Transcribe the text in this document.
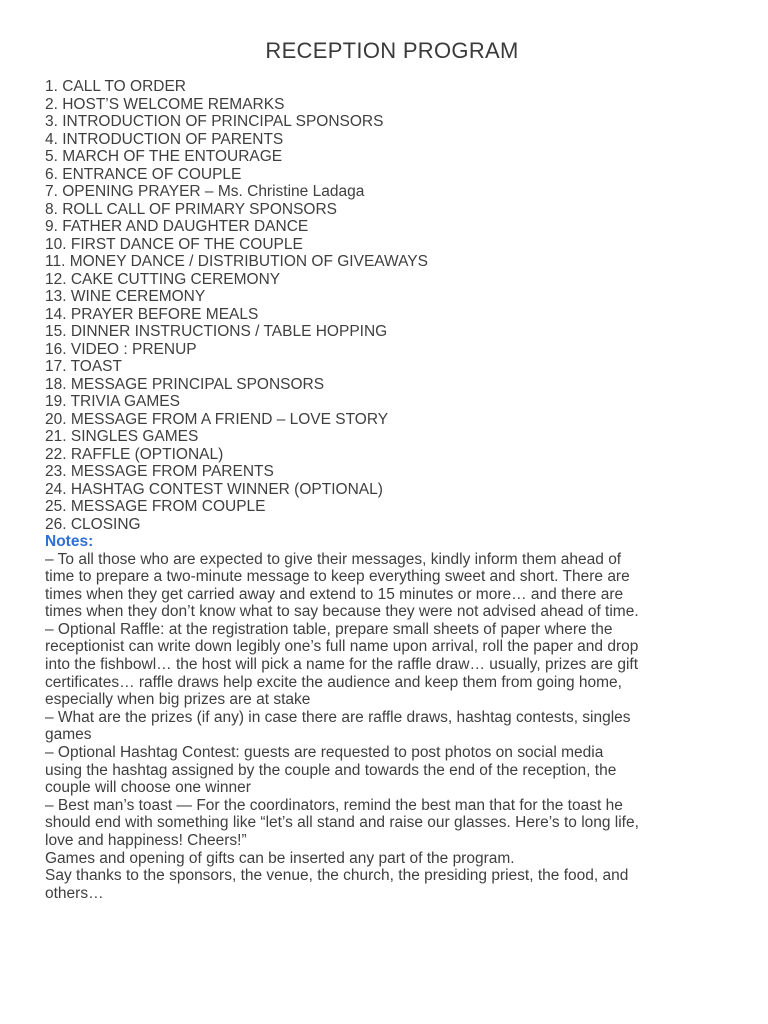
RECEPTION PROGRAM
1. CALL TO ORDER
2. HOST’S WELCOME REMARKS
3. INTRODUCTION OF PRINCIPAL SPONSORS
4. INTRODUCTION OF PARENTS
5. MARCH OF THE ENTOURAGE
6. ENTRANCE OF COUPLE
7. OPENING PRAYER – Ms. Christine Ladaga
8. ROLL CALL OF PRIMARY SPONSORS
9. FATHER AND DAUGHTER DANCE
10. FIRST DANCE OF THE COUPLE
11. MONEY DANCE / DISTRIBUTION OF GIVEAWAYS
12. CAKE CUTTING CEREMONY
13. WINE CEREMONY
14. PRAYER BEFORE MEALS
15. DINNER INSTRUCTIONS / TABLE HOPPING
16. VIDEO : PRENUP
17. TOAST
18. MESSAGE PRINCIPAL SPONSORS
19. TRIVIA GAMES
20. MESSAGE FROM A FRIEND – LOVE STORY
21. SINGLES GAMES
22. RAFFLE (OPTIONAL)
23. MESSAGE FROM PARENTS
24. HASHTAG CONTEST WINNER (OPTIONAL)
25. MESSAGE FROM COUPLE
26. CLOSING
Notes:
– To all those who are expected to give their messages, kindly inform them ahead of
time to prepare a two-minute message to keep everything sweet and short. There are
times when they get carried away and extend to 15 minutes or more… and there are
times when they don’t know what to say because they were not advised ahead of time.
– Optional Raffle: at the registration table, prepare small sheets of paper where the
receptionist can write down legibly one’s full name upon arrival, roll the paper and drop
into the fishbowl… the host will pick a name for the raffle draw… usually, prizes are gift
certificates… raffle draws help excite the audience and keep them from going home,
especially when big prizes are at stake
– What are the prizes (if any) in case there are raffle draws, hashtag contests, singles
games
– Optional Hashtag Contest: guests are requested to post photos on social media
using the hashtag assigned by the couple and towards the end of the reception, the
couple will choose one winner
– Best man’s toast — For the coordinators, remind the best man that for the toast he
should end with something like “let’s all stand and raise our glasses. Here’s to long life,
love and happiness! Cheers!”
Games and opening of gifts can be inserted any part of the program.
Say thanks to the sponsors, the venue, the church, the presiding priest, the food, and
others…
